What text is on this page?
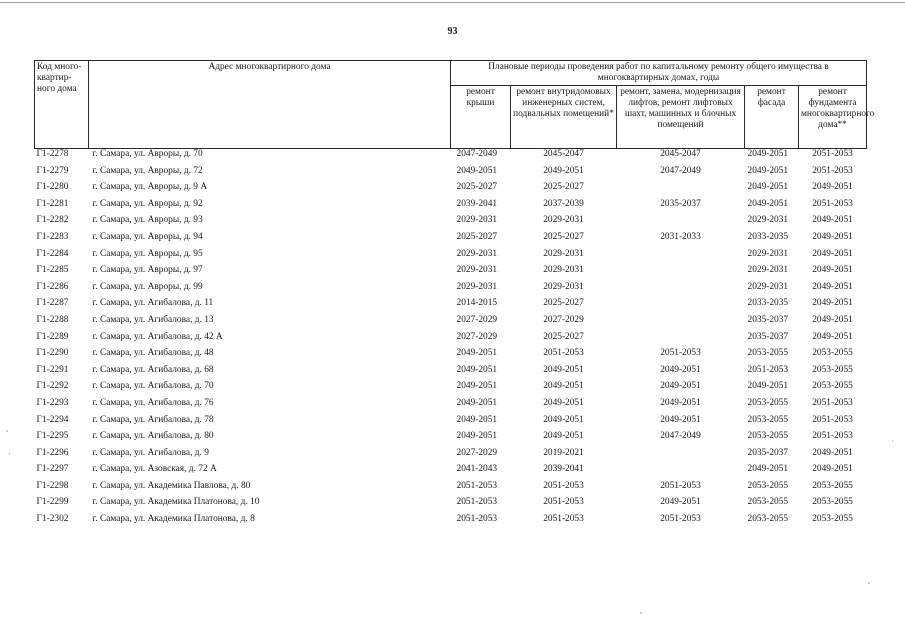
93
Код много-квартир-ного дома	Адрес многоквартирного дома	Плановые периоды проведения работ по капитальному ремонту общего имущества в многоквартирных домах, годы				
		ремонт крыши	ремонт внутридомовых инженерных систем, подвальных помещений*	ремонт, замена, модернизация лифтов, ремонт лифтовых шахт, машинных и блочных помещений	ремонт фасада	ремонт фундамента многоквартирного дома**
Г1-2278	г. Самара, ул. Авроры, д. 70	2047-2049	2045-2047	2045-2047	2049-2051	2051-2053
Г1-2279	г. Самара, ул. Авроры, д. 72	2049-2051	2049-2051	2047-2049	2049-2051	2051-2053
Г1-2280	г. Самара, ул. Авроры, д. 9 А	2025-2027	2025-2027		2049-2051	2049-2051
Г1-2281	г. Самара, ул. Авроры, д. 92	2039-2041	2037-2039	2035-2037	2049-2051	2051-2053
Г1-2282	г. Самара, ул. Авроры, д. 93	2029-2031	2029-2031		2029-2031	2049-2051
Г1-2283	г. Самара, ул. Авроры, д. 94	2025-2027	2025-2027	2031-2033	2033-2035	2049-2051
Г1-2284	г. Самара, ул. Авроры, д. 95	2029-2031	2029-2031		2029-2031	2049-2051
Г1-2285	г. Самара, ул. Авроры, д. 97	2029-2031	2029-2031		2029-2031	2049-2051
Г1-2286	г. Самара, ул. Авроры, д. 99	2029-2031	2029-2031		2029-2031	2049-2051
Г1-2287	г. Самара, ул. Агибалова, д. 11	2014-2015	2025-2027		2033-2035	2049-2051
Г1-2288	г. Самара, ул. Агибалова, д. 13	2027-2029	2027-2029		2035-2037	2049-2051
Г1-2289	г. Самара, ул. Агибалова, д. 42 А	2027-2029	2025-2027		2035-2037	2049-2051
Г1-2290	г. Самара, ул. Агибалова, д. 48	2049-2051	2051-2053	2051-2053	2053-2055	2053-2055
Г1-2291	г. Самара, ул. Агибалова, д. 68	2049-2051	2049-2051	2049-2051	2051-2053	2053-2055
Г1-2292	г. Самара, ул. Агибалова, д. 70	2049-2051	2049-2051	2049-2051	2049-2051	2053-2055
Г1-2293	г. Самара, ул. Агибалова, д. 76	2049-2051	2049-2051	2049-2051	2053-2055	2051-2053
Г1-2294	г. Самара, ул. Агибалова, д. 78	2049-2051	2049-2051	2049-2051	2053-2055	2051-2053
Г1-2295	г. Самара, ул. Агибалова, д. 80	2049-2051	2049-2051	2047-2049	2053-2055	2051-2053
Г1-2296	г. Самара, ул. Агибалова, д. 9	2027-2029	2019-2021		2035-2037	2049-2051
Г1-2297	г. Самара, ул. Азовская, д. 72 А	2041-2043	2039-2041		2049-2051	2049-2051
Г1-2298	г. Самара, ул. Академика Павлова, д. 80	2051-2053	2051-2053	2051-2053	2053-2055	2053-2055
Г1-2299	г. Самара, ул. Академика Платонова, д. 10	2051-2053	2051-2053	2049-2051	2053-2055	2053-2055
Г1-2302	г. Самара, ул. Академика Платонова, д. 8	2051-2053	2051-2053	2051-2053	2053-2055	2053-2055
